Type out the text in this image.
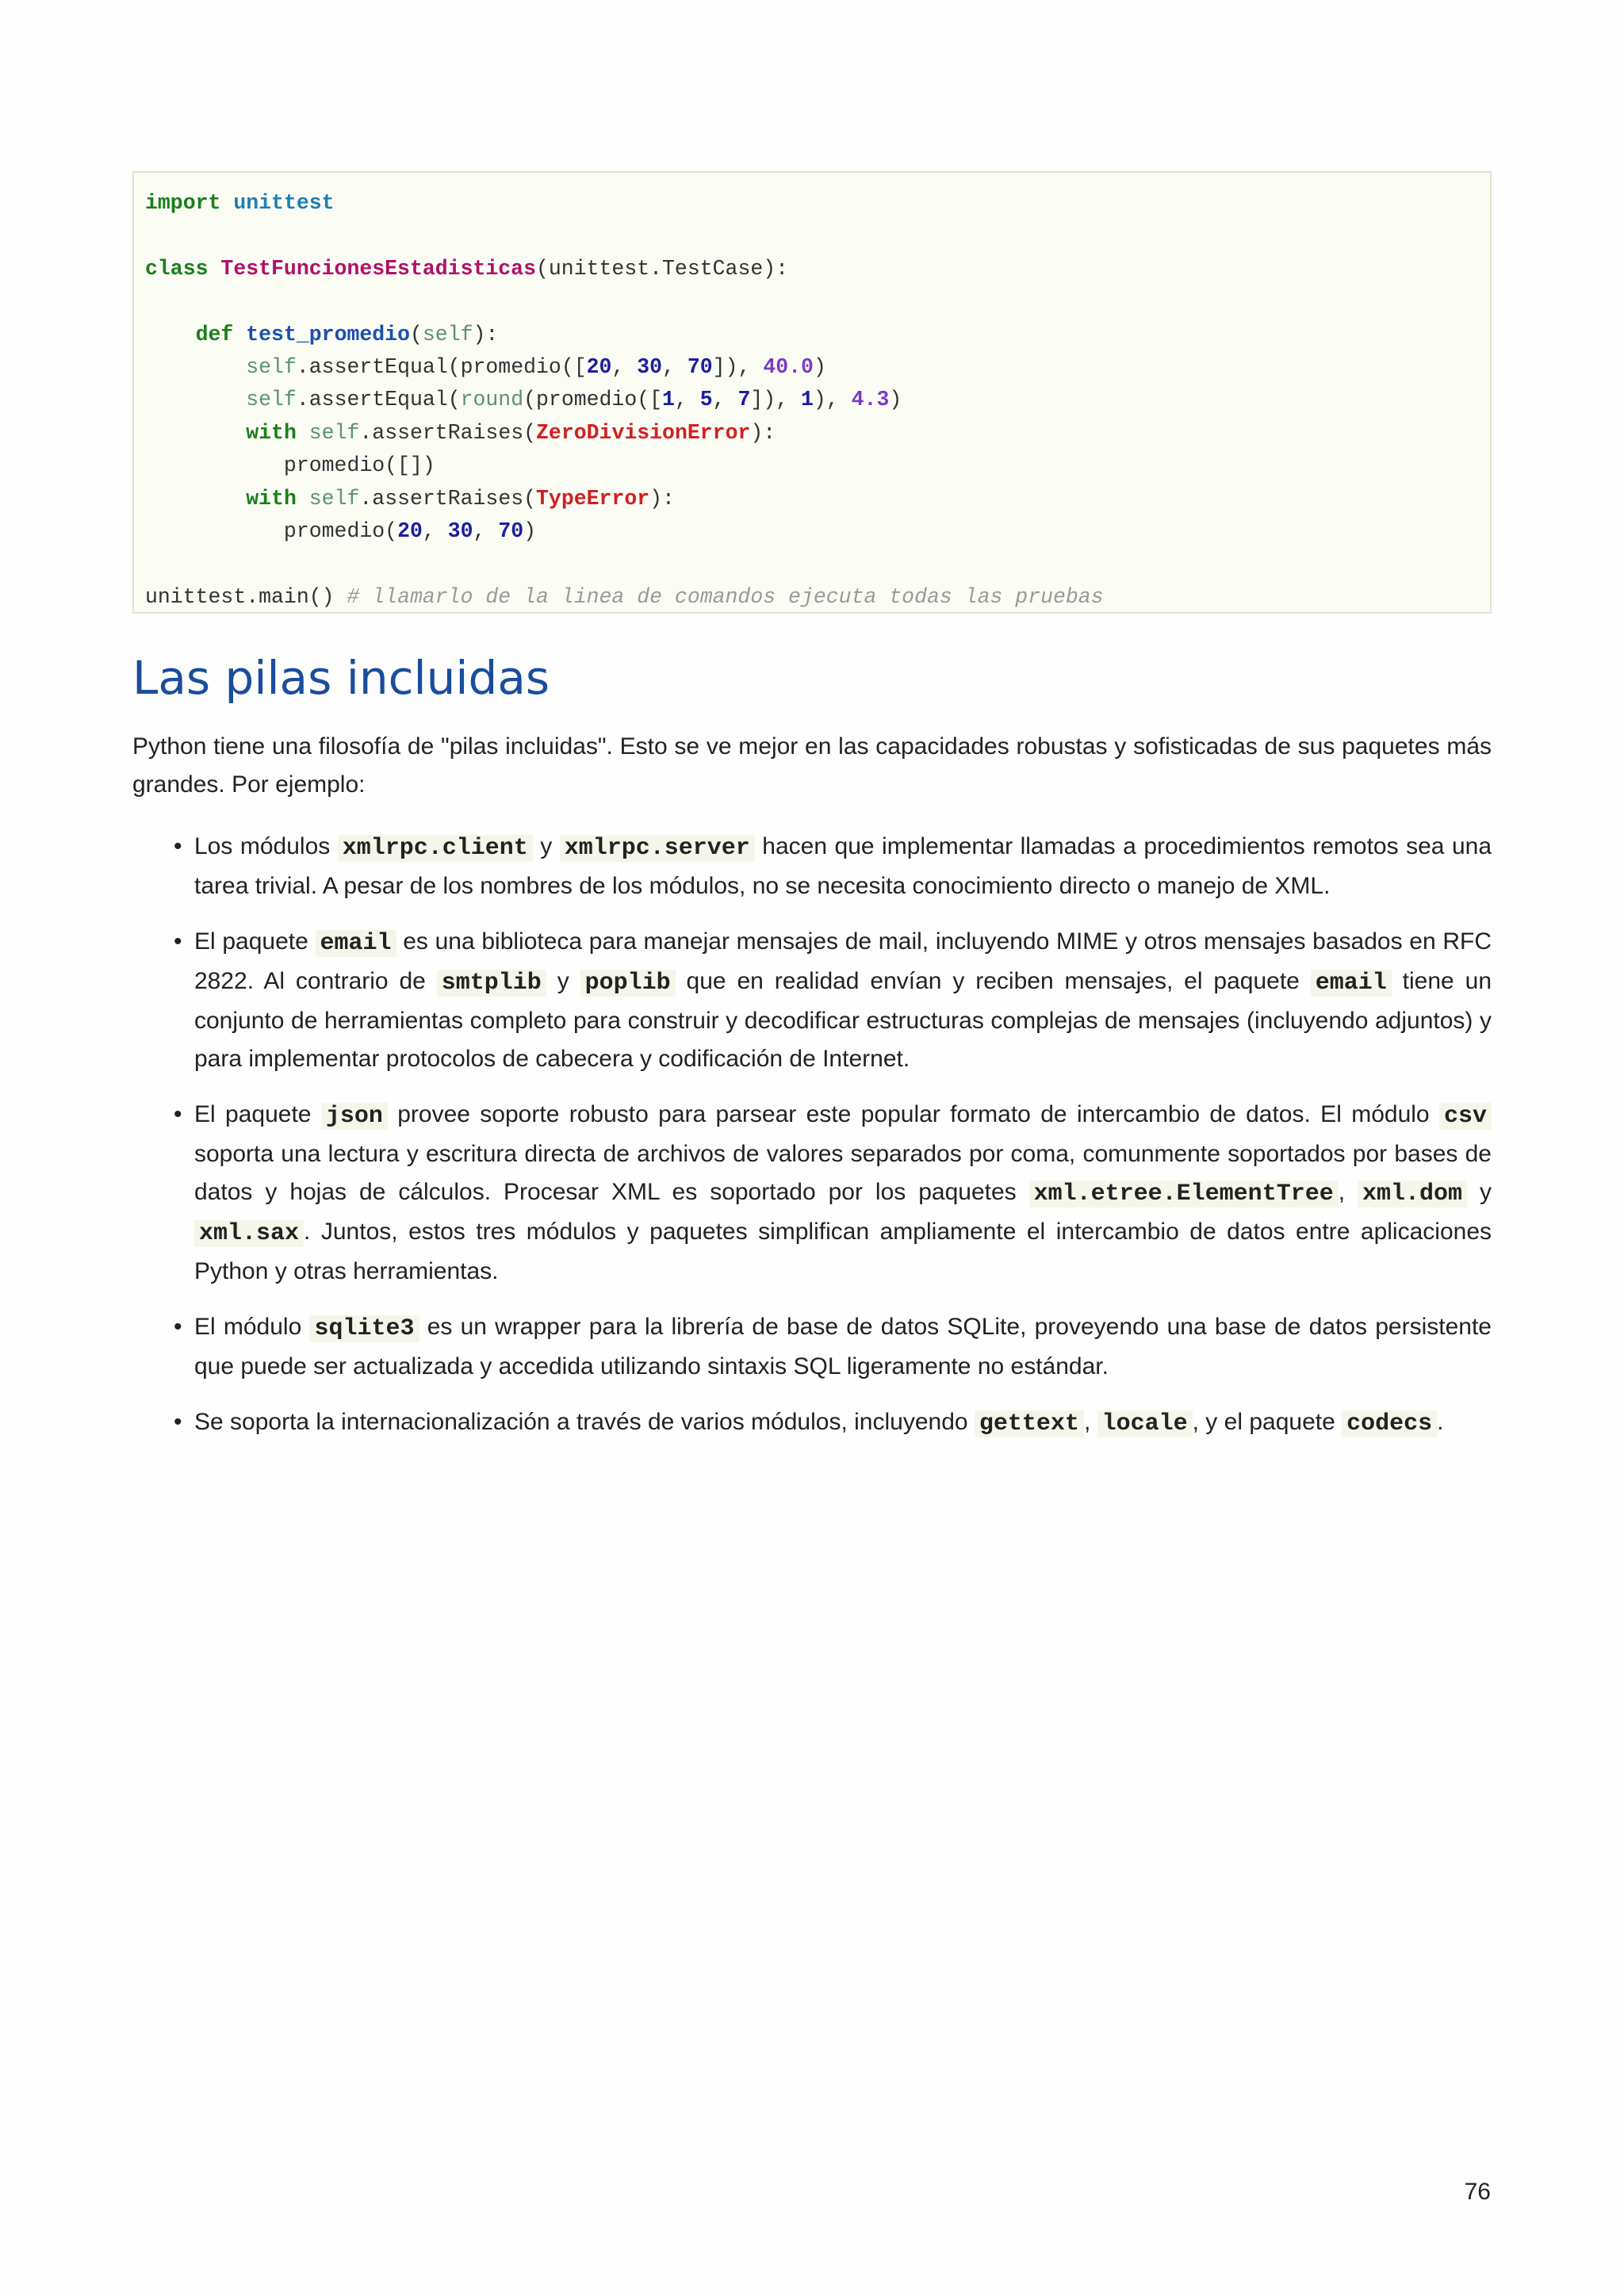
import unittest

class TestFuncionesEstadisticas(unittest.TestCase):

def test_promedio(self):
self.assertEqual(promedio([20, 30, 70]), 40.0)
self.assertEqual(round(promedio([1, 5, 7]), 1), 4.3)
with self.assertRaises(ZeroDivisionError):
promedio([])
with self.assertRaises(TypeError):
promedio(20, 30, 70)

unittest.main() # llamarlo de la linea de comandos ejecuta todas las pruebas
Las pilas incluidas

Python tiene una filosofía de "pilas incluidas". Esto se ve mejor en las capacidades robustas y sofisticadas de sus paquetes más grandes. Por ejemplo:

• Los módulos xmlrpc.client y xmlrpc.server hacen que implementar llamadas a procedimientos remotos sea una tarea trivial. A pesar de los nombres de los módulos, no se necesita conocimiento directo o manejo de XML.
• El paquete email es una biblioteca para manejar mensajes de mail, incluyendo MIME y otros mensajes basados en RFC 2822. Al contrario de smtplib y poplib que en realidad envían y reciben mensajes, el paquete email tiene un conjunto de herramientas completo para construir y decodificar estructuras complejas de mensajes (incluyendo adjuntos) y para implementar protocolos de cabecera y codificación de Internet.
• El paquete json provee soporte robusto para parsear este popular formato de intercambio de datos. El módulo csv soporta una lectura y escritura directa de archivos de valores separados por coma, comunmente soportados por bases de datos y hojas de cálculos. Procesar XML es soportado por los paquetes xml.etree.ElementTree , xml.dom y xml.sax . Juntos, estos tres módulos y paquetes simplifican ampliamente el intercambio de datos entre aplicaciones Python y otras herramientas.
• El módulo sqlite3 es un wrapper para la librería de base de datos SQLite, proveyendo una base de datos persistente que puede ser actualizada y accedida utilizando sintaxis SQL ligeramente no estándar.
• Se soporta la internacionalización a través de varios módulos, incluyendo gettext , locale , y el paquete codecs .
76
